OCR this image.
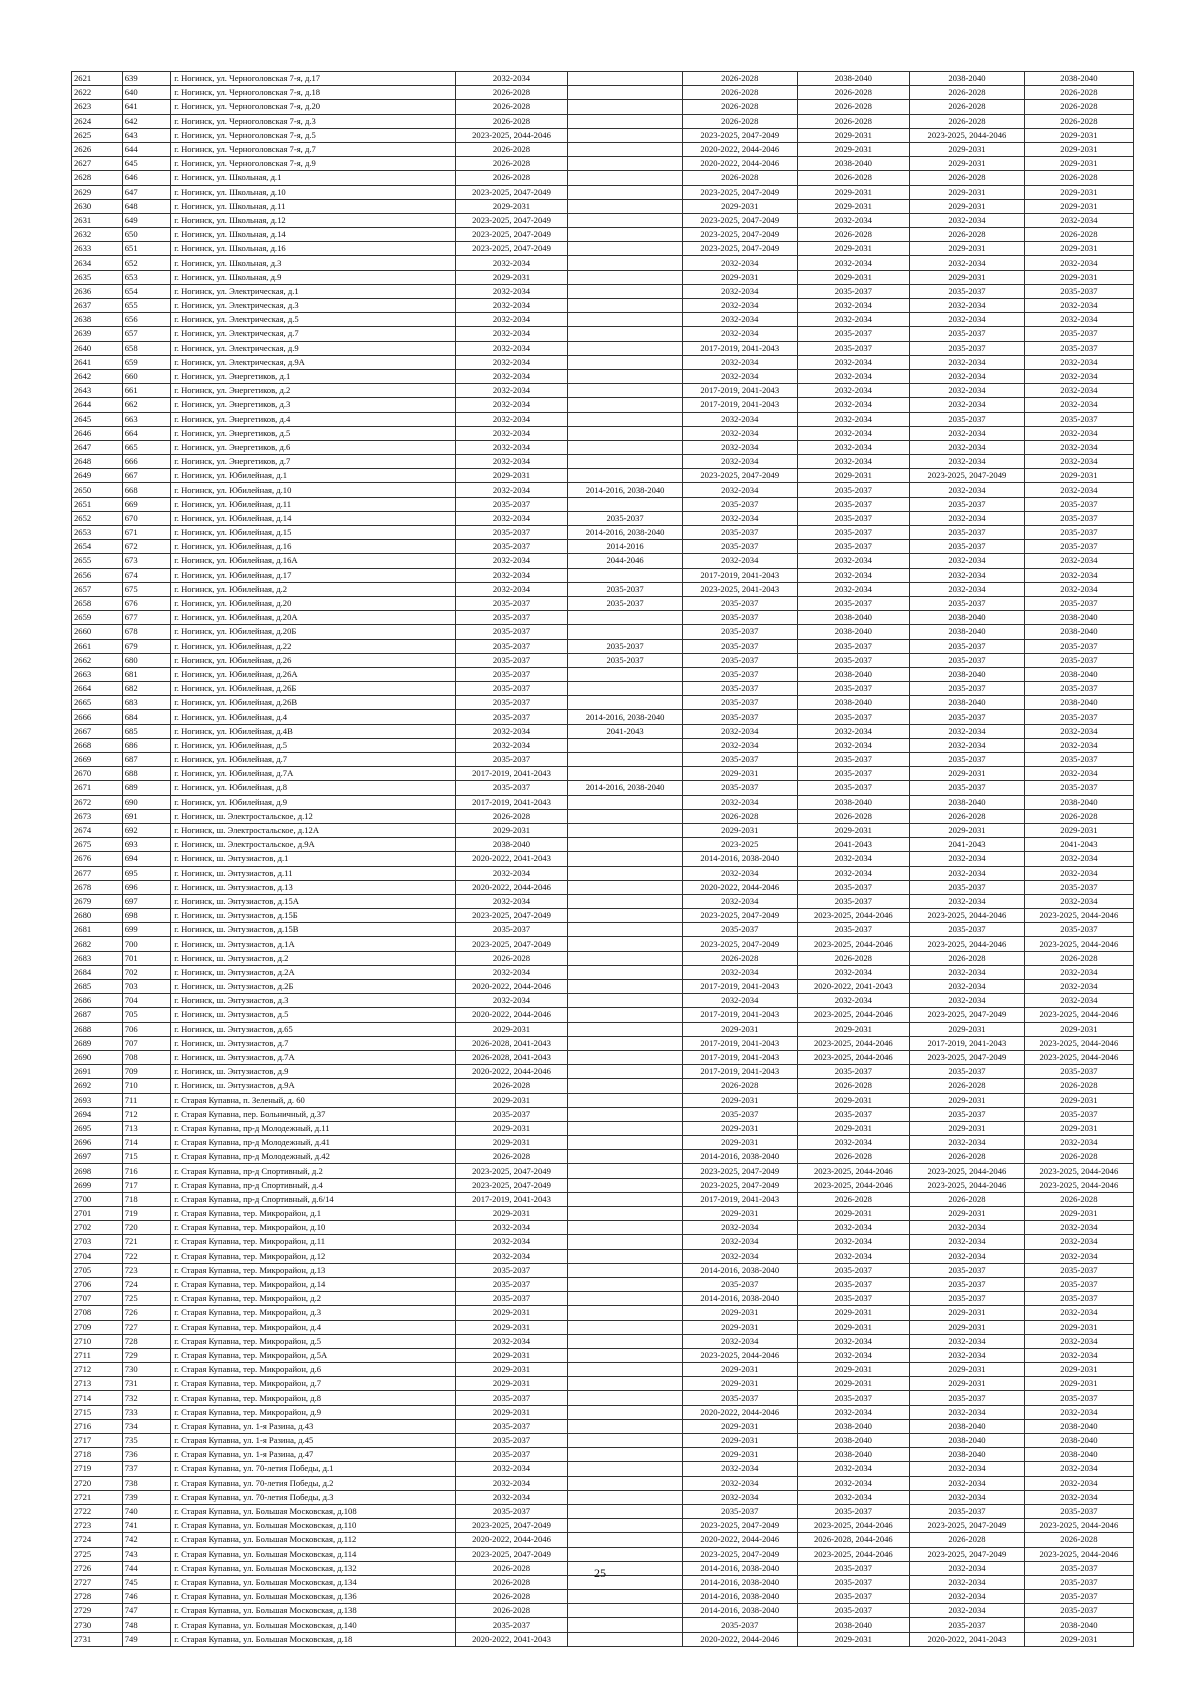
2621	639	г. Ногинск, ул. Черноголовская 7-я, д.17	2032-2034		2026-2028	2038-2040	2038-2040	2038-2040
2622	640	г. Ногинск, ул. Черноголовская 7-я, д.18	2026-2028		2026-2028	2026-2028	2026-2028	2026-2028
2623	641	г. Ногинск, ул. Черноголовская 7-я, д.20	2026-2028		2026-2028	2026-2028	2026-2028	2026-2028
2624	642	г. Ногинск, ул. Черноголовская 7-я, д.3	2026-2028		2026-2028	2026-2028	2026-2028	2026-2028
2625	643	г. Ногинск, ул. Черноголовская 7-я, д.5	2023-2025, 2044-2046		2023-2025, 2047-2049	2029-2031	2023-2025, 2044-2046	2029-2031
2626	644	г. Ногинск, ул. Черноголовская 7-я, д.7	2026-2028		2020-2022, 2044-2046	2029-2031	2029-2031	2029-2031
2627	645	г. Ногинск, ул. Черноголовская 7-я, д.9	2026-2028		2020-2022, 2044-2046	2038-2040	2029-2031	2029-2031
2628	646	г. Ногинск, ул. Школьная, д.1	2026-2028		2026-2028	2026-2028	2026-2028	2026-2028
2629	647	г. Ногинск, ул. Школьная, д.10	2023-2025, 2047-2049		2023-2025, 2047-2049	2029-2031	2029-2031	2029-2031
2630	648	г. Ногинск, ул. Школьная, д.11	2029-2031		2029-2031	2029-2031	2029-2031	2029-2031
2631	649	г. Ногинск, ул. Школьная, д.12	2023-2025, 2047-2049		2023-2025, 2047-2049	2032-2034	2032-2034	2032-2034
2632	650	г. Ногинск, ул. Школьная, д.14	2023-2025, 2047-2049		2023-2025, 2047-2049	2026-2028	2026-2028	2026-2028
2633	651	г. Ногинск, ул. Школьная, д.16	2023-2025, 2047-2049		2023-2025, 2047-2049	2029-2031	2029-2031	2029-2031
2634	652	г. Ногинск, ул. Школьная, д.3	2032-2034		2032-2034	2032-2034	2032-2034	2032-2034
2635	653	г. Ногинск, ул. Школьная, д.9	2029-2031		2029-2031	2029-2031	2029-2031	2029-2031
2636	654	г. Ногинск, ул. Электрическая, д.1	2032-2034		2032-2034	2035-2037	2035-2037	2035-2037
2637	655	г. Ногинск, ул. Электрическая, д.3	2032-2034		2032-2034	2032-2034	2032-2034	2032-2034
2638	656	г. Ногинск, ул. Электрическая, д.5	2032-2034		2032-2034	2032-2034	2032-2034	2032-2034
2639	657	г. Ногинск, ул. Электрическая, д.7	2032-2034		2032-2034	2035-2037	2035-2037	2035-2037
2640	658	г. Ногинск, ул. Электрическая, д.9	2032-2034		2017-2019, 2041-2043	2035-2037	2035-2037	2035-2037
2641	659	г. Ногинск, ул. Электрическая, д.9А	2032-2034		2032-2034	2032-2034	2032-2034	2032-2034
2642	660	г. Ногинск, ул. Энергетиков, д.1	2032-2034		2032-2034	2032-2034	2032-2034	2032-2034
2643	661	г. Ногинск, ул. Энергетиков, д.2	2032-2034		2017-2019, 2041-2043	2032-2034	2032-2034	2032-2034
2644	662	г. Ногинск, ул. Энергетиков, д.3	2032-2034		2017-2019, 2041-2043	2032-2034	2032-2034	2032-2034
2645	663	г. Ногинск, ул. Энергетиков, д.4	2032-2034		2032-2034	2032-2034	2035-2037	2035-2037
2646	664	г. Ногинск, ул. Энергетиков, д.5	2032-2034		2032-2034	2032-2034	2032-2034	2032-2034
2647	665	г. Ногинск, ул. Энергетиков, д.6	2032-2034		2032-2034	2032-2034	2032-2034	2032-2034
2648	666	г. Ногинск, ул. Энергетиков, д.7	2032-2034		2032-2034	2032-2034	2032-2034	2032-2034
2649	667	г. Ногинск, ул. Юбилейная, д.1	2029-2031		2023-2025, 2047-2049	2029-2031	2023-2025, 2047-2049	2029-2031
2650	668	г. Ногинск, ул. Юбилейная, д.10	2032-2034	2014-2016, 2038-2040	2032-2034	2035-2037	2032-2034	2032-2034
2651	669	г. Ногинск, ул. Юбилейная, д.11	2035-2037		2035-2037	2035-2037	2035-2037	2035-2037
2652	670	г. Ногинск, ул. Юбилейная, д.14	2032-2034	2035-2037	2032-2034	2035-2037	2032-2034	2035-2037
2653	671	г. Ногинск, ул. Юбилейная, д.15	2035-2037	2014-2016, 2038-2040	2035-2037	2035-2037	2035-2037	2035-2037
2654	672	г. Ногинск, ул. Юбилейная, д.16	2035-2037	2014-2016	2035-2037	2035-2037	2035-2037	2035-2037
2655	673	г. Ногинск, ул. Юбилейная, д.16А	2032-2034	2044-2046	2032-2034	2032-2034	2032-2034	2032-2034
2656	674	г. Ногинск, ул. Юбилейная, д.17	2032-2034		2017-2019, 2041-2043	2032-2034	2032-2034	2032-2034
2657	675	г. Ногинск, ул. Юбилейная, д.2	2032-2034	2035-2037	2023-2025, 2041-2043	2032-2034	2032-2034	2032-2034
2658	676	г. Ногинск, ул. Юбилейная, д.20	2035-2037	2035-2037	2035-2037	2035-2037	2035-2037	2035-2037
2659	677	г. Ногинск, ул. Юбилейная, д.20А	2035-2037		2035-2037	2038-2040	2038-2040	2038-2040
2660	678	г. Ногинск, ул. Юбилейная, д.20Б	2035-2037		2035-2037	2038-2040	2038-2040	2038-2040
2661	679	г. Ногинск, ул. Юбилейная, д.22	2035-2037	2035-2037	2035-2037	2035-2037	2035-2037	2035-2037
2662	680	г. Ногинск, ул. Юбилейная, д.26	2035-2037	2035-2037	2035-2037	2035-2037	2035-2037	2035-2037
2663	681	г. Ногинск, ул. Юбилейная, д.26А	2035-2037		2035-2037	2038-2040	2038-2040	2038-2040
2664	682	г. Ногинск, ул. Юбилейная, д.26Б	2035-2037		2035-2037	2035-2037	2035-2037	2035-2037
2665	683	г. Ногинск, ул. Юбилейная, д.26В	2035-2037		2035-2037	2038-2040	2038-2040	2038-2040
2666	684	г. Ногинск, ул. Юбилейная, д.4	2035-2037	2014-2016, 2038-2040	2035-2037	2035-2037	2035-2037	2035-2037
2667	685	г. Ногинск, ул. Юбилейная, д.4В	2032-2034	2041-2043	2032-2034	2032-2034	2032-2034	2032-2034
2668	686	г. Ногинск, ул. Юбилейная, д.5	2032-2034		2032-2034	2032-2034	2032-2034	2032-2034
2669	687	г. Ногинск, ул. Юбилейная, д.7	2035-2037		2035-2037	2035-2037	2035-2037	2035-2037
2670	688	г. Ногинск, ул. Юбилейная, д.7А	2017-2019, 2041-2043		2029-2031	2035-2037	2029-2031	2032-2034
2671	689	г. Ногинск, ул. Юбилейная, д.8	2035-2037	2014-2016, 2038-2040	2035-2037	2035-2037	2035-2037	2035-2037
2672	690	г. Ногинск, ул. Юбилейная, д.9	2017-2019, 2041-2043		2032-2034	2038-2040	2038-2040	2038-2040
2673	691	г. Ногинск, ш. Электростальское, д.12	2026-2028		2026-2028	2026-2028	2026-2028	2026-2028
2674	692	г. Ногинск, ш. Электростальское, д.12А	2029-2031		2029-2031	2029-2031	2029-2031	2029-2031
2675	693	г. Ногинск, ш. Электростальское, д.9А	2038-2040		2023-2025	2041-2043	2041-2043	2041-2043
2676	694	г. Ногинск, ш. Энтузиастов, д.1	2020-2022, 2041-2043		2014-2016, 2038-2040	2032-2034	2032-2034	2032-2034
2677	695	г. Ногинск, ш. Энтузиастов, д.11	2032-2034		2032-2034	2032-2034	2032-2034	2032-2034
2678	696	г. Ногинск, ш. Энтузиастов, д.13	2020-2022, 2044-2046		2020-2022, 2044-2046	2035-2037	2035-2037	2035-2037
2679	697	г. Ногинск, ш. Энтузиастов, д.15А	2032-2034		2032-2034	2035-2037	2032-2034	2032-2034
2680	698	г. Ногинск, ш. Энтузиастов, д.15Б	2023-2025, 2047-2049		2023-2025, 2047-2049	2023-2025, 2044-2046	2023-2025, 2044-2046	2023-2025, 2044-2046
2681	699	г. Ногинск, ш. Энтузиастов, д.15В	2035-2037		2035-2037	2035-2037	2035-2037	2035-2037
2682	700	г. Ногинск, ш. Энтузиастов, д.1А	2023-2025, 2047-2049		2023-2025, 2047-2049	2023-2025, 2044-2046	2023-2025, 2044-2046	2023-2025, 2044-2046
2683	701	г. Ногинск, ш. Энтузиастов, д.2	2026-2028		2026-2028	2026-2028	2026-2028	2026-2028
2684	702	г. Ногинск, ш. Энтузиастов, д.2А	2032-2034		2032-2034	2032-2034	2032-2034	2032-2034
2685	703	г. Ногинск, ш. Энтузиастов, д.2Б	2020-2022, 2044-2046		2017-2019, 2041-2043	2020-2022, 2041-2043	2032-2034	2032-2034
2686	704	г. Ногинск, ш. Энтузиастов, д.3	2032-2034		2032-2034	2032-2034	2032-2034	2032-2034
2687	705	г. Ногинск, ш. Энтузиастов, д.5	2020-2022, 2044-2046		2017-2019, 2041-2043	2023-2025, 2044-2046	2023-2025, 2047-2049	2023-2025, 2044-2046
2688	706	г. Ногинск, ш. Энтузиастов, д.65	2029-2031		2029-2031	2029-2031	2029-2031	2029-2031
2689	707	г. Ногинск, ш. Энтузиастов, д.7	2026-2028, 2041-2043		2017-2019, 2041-2043	2023-2025, 2044-2046	2017-2019, 2041-2043	2023-2025, 2044-2046
2690	708	г. Ногинск, ш. Энтузиастов, д.7А	2026-2028, 2041-2043		2017-2019, 2041-2043	2023-2025, 2044-2046	2023-2025, 2047-2049	2023-2025, 2044-2046
2691	709	г. Ногинск, ш. Энтузиастов, д.9	2020-2022, 2044-2046		2017-2019, 2041-2043	2035-2037	2035-2037	2035-2037
2692	710	г. Ногинск, ш. Энтузиастов, д.9А	2026-2028		2026-2028	2026-2028	2026-2028	2026-2028
2693	711	г. Старая Купавна, п. Зеленый, д. 60	2029-2031		2029-2031	2029-2031	2029-2031	2029-2031
2694	712	г. Старая Купавна, пер. Больничный, д.37	2035-2037		2035-2037	2035-2037	2035-2037	2035-2037
2695	713	г. Старая Купавна, пр-д Молодежный, д.11	2029-2031		2029-2031	2029-2031	2029-2031	2029-2031
2696	714	г. Старая Купавна, пр-д Молодежный, д.41	2029-2031		2029-2031	2032-2034	2032-2034	2032-2034
2697	715	г. Старая Купавна, пр-д Молодежный, д.42	2026-2028		2014-2016, 2038-2040	2026-2028	2026-2028	2026-2028
2698	716	г. Старая Купавна, пр-д Спортивный, д.2	2023-2025, 2047-2049		2023-2025, 2047-2049	2023-2025, 2044-2046	2023-2025, 2044-2046	2023-2025, 2044-2046
2699	717	г. Старая Купавна, пр-д Спортивный, д.4	2023-2025, 2047-2049		2023-2025, 2047-2049	2023-2025, 2044-2046	2023-2025, 2044-2046	2023-2025, 2044-2046
2700	718	г. Старая Купавна, пр-д Спортивный, д.6/14	2017-2019, 2041-2043		2017-2019, 2041-2043	2026-2028	2026-2028	2026-2028
2701	719	г. Старая Купавна, тер. Микрорайон, д.1	2029-2031		2029-2031	2029-2031	2029-2031	2029-2031
2702	720	г. Старая Купавна, тер. Микрорайон, д.10	2032-2034		2032-2034	2032-2034	2032-2034	2032-2034
2703	721	г. Старая Купавна, тер. Микрорайон, д.11	2032-2034		2032-2034	2032-2034	2032-2034	2032-2034
2704	722	г. Старая Купавна, тер. Микрорайон, д.12	2032-2034		2032-2034	2032-2034	2032-2034	2032-2034
2705	723	г. Старая Купавна, тер. Микрорайон, д.13	2035-2037		2014-2016, 2038-2040	2035-2037	2035-2037	2035-2037
2706	724	г. Старая Купавна, тер. Микрорайон, д.14	2035-2037		2035-2037	2035-2037	2035-2037	2035-2037
2707	725	г. Старая Купавна, тер. Микрорайон, д.2	2035-2037		2014-2016, 2038-2040	2035-2037	2035-2037	2035-2037
2708	726	г. Старая Купавна, тер. Микрорайон, д.3	2029-2031		2029-2031	2029-2031	2029-2031	2032-2034
2709	727	г. Старая Купавна, тер. Микрорайон, д.4	2029-2031		2029-2031	2029-2031	2029-2031	2029-2031
2710	728	г. Старая Купавна, тер. Микрорайон, д.5	2032-2034		2032-2034	2032-2034	2032-2034	2032-2034
2711	729	г. Старая Купавна, тер. Микрорайон, д.5А	2029-2031		2023-2025, 2044-2046	2032-2034	2032-2034	2032-2034
2712	730	г. Старая Купавна, тер. Микрорайон, д.6	2029-2031		2029-2031	2029-2031	2029-2031	2029-2031
2713	731	г. Старая Купавна, тер. Микрорайон, д.7	2029-2031		2029-2031	2029-2031	2029-2031	2029-2031
2714	732	г. Старая Купавна, тер. Микрорайон, д.8	2035-2037		2035-2037	2035-2037	2035-2037	2035-2037
2715	733	г. Старая Купавна, тер. Микрорайон, д.9	2029-2031		2020-2022, 2044-2046	2032-2034	2032-2034	2032-2034
2716	734	г. Старая Купавна, ул. 1-я Разина, д.43	2035-2037		2029-2031	2038-2040	2038-2040	2038-2040
2717	735	г. Старая Купавна, ул. 1-я Разина, д.45	2035-2037		2029-2031	2038-2040	2038-2040	2038-2040
2718	736	г. Старая Купавна, ул. 1-я Разина, д.47	2035-2037		2029-2031	2038-2040	2038-2040	2038-2040
2719	737	г. Старая Купавна, ул. 70-летия Победы, д.1	2032-2034		2032-2034	2032-2034	2032-2034	2032-2034
2720	738	г. Старая Купавна, ул. 70-летия Победы, д.2	2032-2034		2032-2034	2032-2034	2032-2034	2032-2034
2721	739	г. Старая Купавна, ул. 70-летия Победы, д.3	2032-2034		2032-2034	2032-2034	2032-2034	2032-2034
2722	740	г. Старая Купавна, ул. Большая Московская, д.108	2035-2037		2035-2037	2035-2037	2035-2037	2035-2037
2723	741	г. Старая Купавна, ул. Большая Московская, д.110	2023-2025, 2047-2049		2023-2025, 2047-2049	2023-2025, 2044-2046	2023-2025, 2047-2049	2023-2025, 2044-2046
2724	742	г. Старая Купавна, ул. Большая Московская, д.112	2020-2022, 2044-2046		2020-2022, 2044-2046	2026-2028, 2044-2046	2026-2028	2026-2028
2725	743	г. Старая Купавна, ул. Большая Московская, д.114	2023-2025, 2047-2049		2023-2025, 2047-2049	2023-2025, 2044-2046	2023-2025, 2047-2049	2023-2025, 2044-2046
2726	744	г. Старая Купавна, ул. Большая Московская, д.132	2026-2028		2014-2016, 2038-2040	2035-2037	2032-2034	2035-2037
2727	745	г. Старая Купавна, ул. Большая Московская, д.134	2026-2028		2014-2016, 2038-2040	2035-2037	2032-2034	2035-2037
2728	746	г. Старая Купавна, ул. Большая Московская, д.136	2026-2028		2014-2016, 2038-2040	2035-2037	2032-2034	2035-2037
2729	747	г. Старая Купавна, ул. Большая Московская, д.138	2026-2028		2014-2016, 2038-2040	2035-2037	2032-2034	2035-2037
2730	748	г. Старая Купавна, ул. Большая Московская, д.140	2035-2037		2035-2037	2038-2040	2035-2037	2038-2040
2731	749	г. Старая Купавна, ул. Большая Московская, д.18	2020-2022, 2041-2043		2020-2022, 2044-2046	2029-2031	2020-2022, 2041-2043	2029-2031
25
